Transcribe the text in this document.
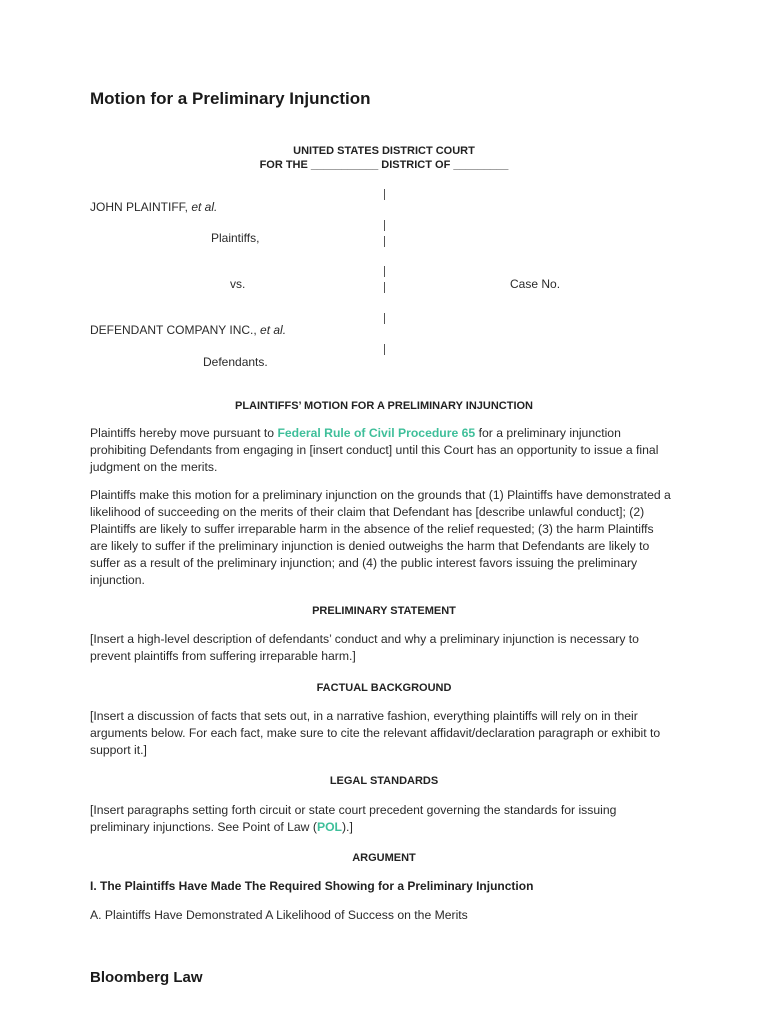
Motion for a Preliminary Injunction
UNITED STATES DISTRICT COURT
FOR THE ___________ DISTRICT OF _________
JOHN PLAINTIFF, et al.
Plaintiffs,
vs.	Case No.
DEFENDANT COMPANY INC., et al.
Defendants.
PLAINTIFFS’ MOTION FOR A PRELIMINARY INJUNCTION
Plaintiffs hereby move pursuant to Federal Rule of Civil Procedure 65 for a preliminary injunction prohibiting Defendants from engaging in [insert conduct] until this Court has an opportunity to issue a final judgment on the merits.
Plaintiffs make this motion for a preliminary injunction on the grounds that (1) Plaintiffs have demonstrated a likelihood of succeeding on the merits of their claim that Defendant has [describe unlawful conduct]; (2) Plaintiffs are likely to suffer irreparable harm in the absence of the relief requested; (3) the harm Plaintiffs are likely to suffer if the preliminary injunction is denied outweighs the harm that Defendants are likely to suffer as a result of the preliminary injunction; and (4) the public interest favors issuing the preliminary injunction.
PRELIMINARY STATEMENT
[Insert a high-level description of defendants’ conduct and why a preliminary injunction is necessary to prevent plaintiffs from suffering irreparable harm.]
FACTUAL BACKGROUND
[Insert a discussion of facts that sets out, in a narrative fashion, everything plaintiffs will rely on in their arguments below. For each fact, make sure to cite the relevant affidavit/declaration paragraph or exhibit to support it.]
LEGAL STANDARDS
[Insert paragraphs setting forth circuit or state court precedent governing the standards for issuing preliminary injunctions. See Point of Law (POL).]
ARGUMENT
I. The Plaintiffs Have Made The Required Showing for a Preliminary Injunction
A. Plaintiffs Have Demonstrated A Likelihood of Success on the Merits
Bloomberg Law
